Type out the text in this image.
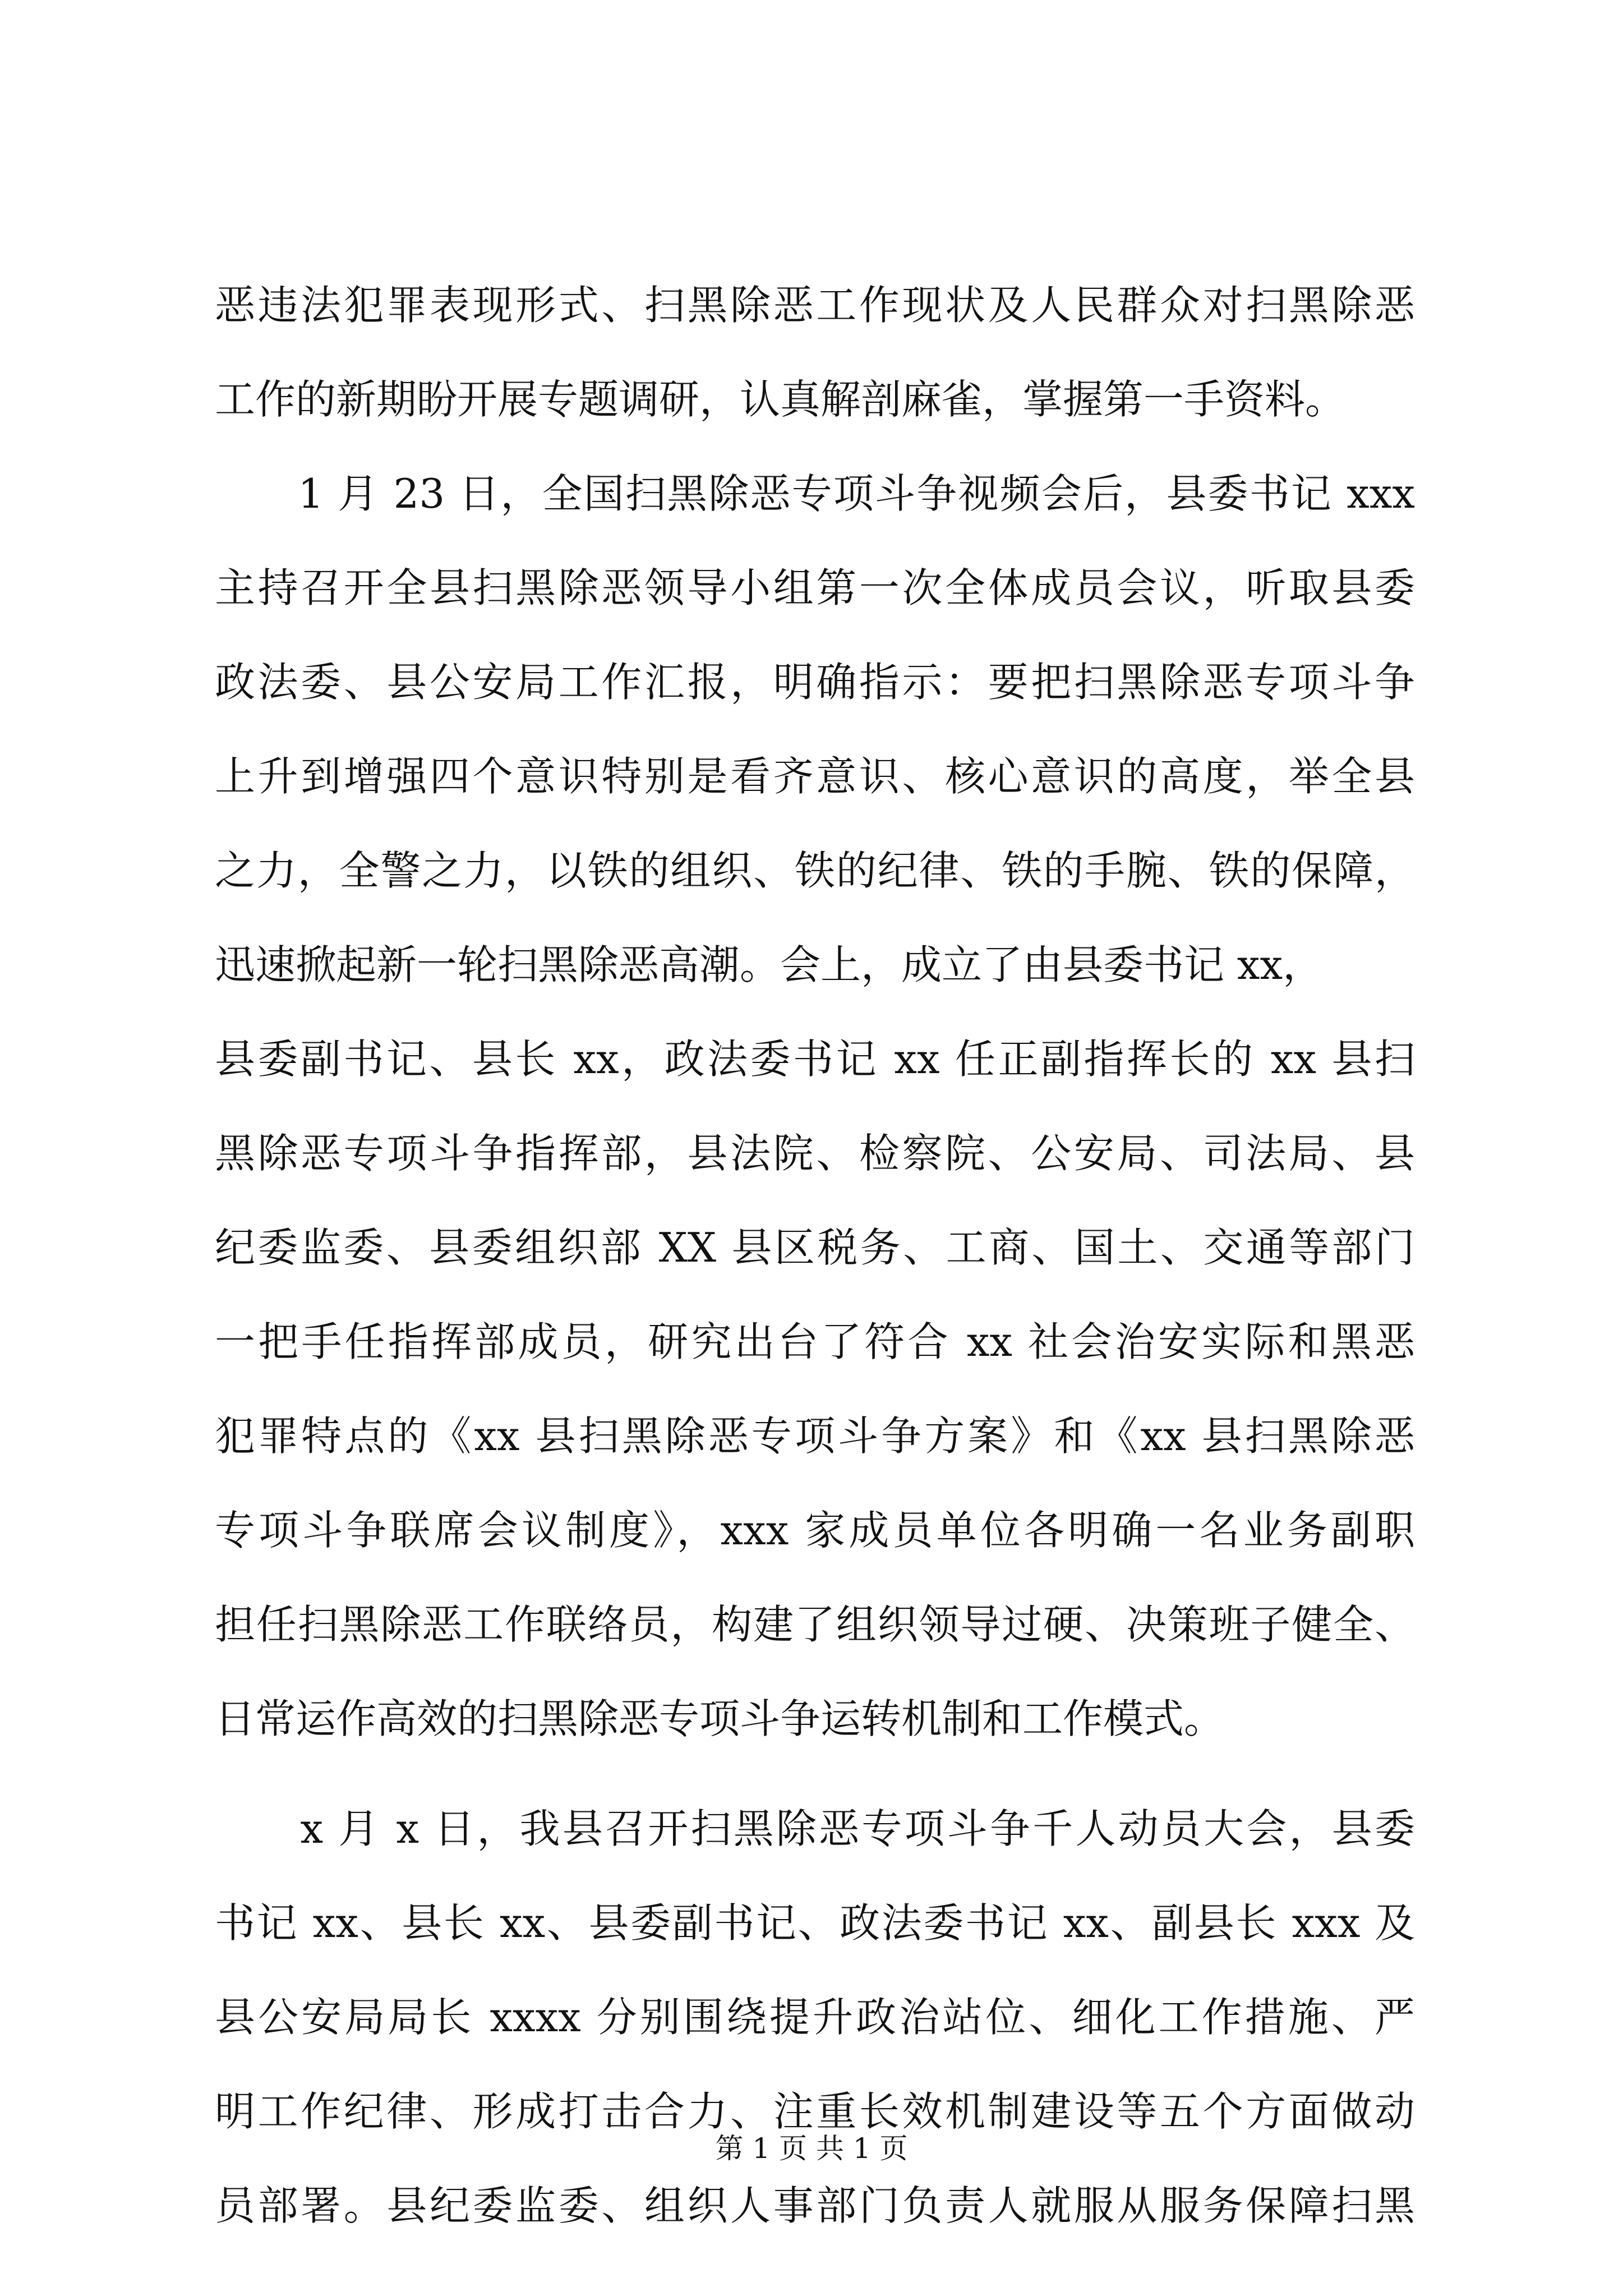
恶违法犯罪表现形式、扫黑除恶工作现状及人民群众对扫黑除恶
工作的新期盼开展专题调研，认真解剖麻雀，掌握第一手资料。
　　1 月 23 日，全国扫黑除恶专项斗争视频会后，县委书记 xxx
主持召开全县扫黑除恶领导小组第一次全体成员会议，听取县委
政法委、县公安局工作汇报，明确指示：要把扫黑除恶专项斗争
上升到增强四个意识特别是看齐意识、核心意识的高度，举全县
之力，全警之力，以铁的组织、铁的纪律、铁的手腕、铁的保障，
迅速掀起新一轮扫黑除恶高潮。会上，成立了由县委书记 xx，
县委副书记、县长 xx，政法委书记 xx 任正副指挥长的 xx 县扫
黑除恶专项斗争指挥部，县法院、检察院、公安局、司法局、县
纪委监委、县委组织部 XX 县区税务、工商、国土、交通等部门
一把手任指挥部成员，研究出台了符合 xx 社会治安实际和黑恶
犯罪特点的《xx 县扫黑除恶专项斗争方案》和《xx 县扫黑除恶
专项斗争联席会议制度》，xxx 家成员单位各明确一名业务副职
担任扫黑除恶工作联络员，构建了组织领导过硬、决策班子健全、
日常运作高效的扫黑除恶专项斗争运转机制和工作模式。
　　x 月 x 日，我县召开扫黑除恶专项斗争千人动员大会，县委
书记 xx、县长 xx、县委副书记、政法委书记 xx、副县长 xxx 及
县公安局局长 xxxx 分别围绕提升政治站位、细化工作措施、严
明工作纪律、形成打击合力、注重长效机制建设等五个方面做动
员部署。县纪委监委、组织人事部门负责人就服从服务保障扫黑
第 1 页 共 1 页
